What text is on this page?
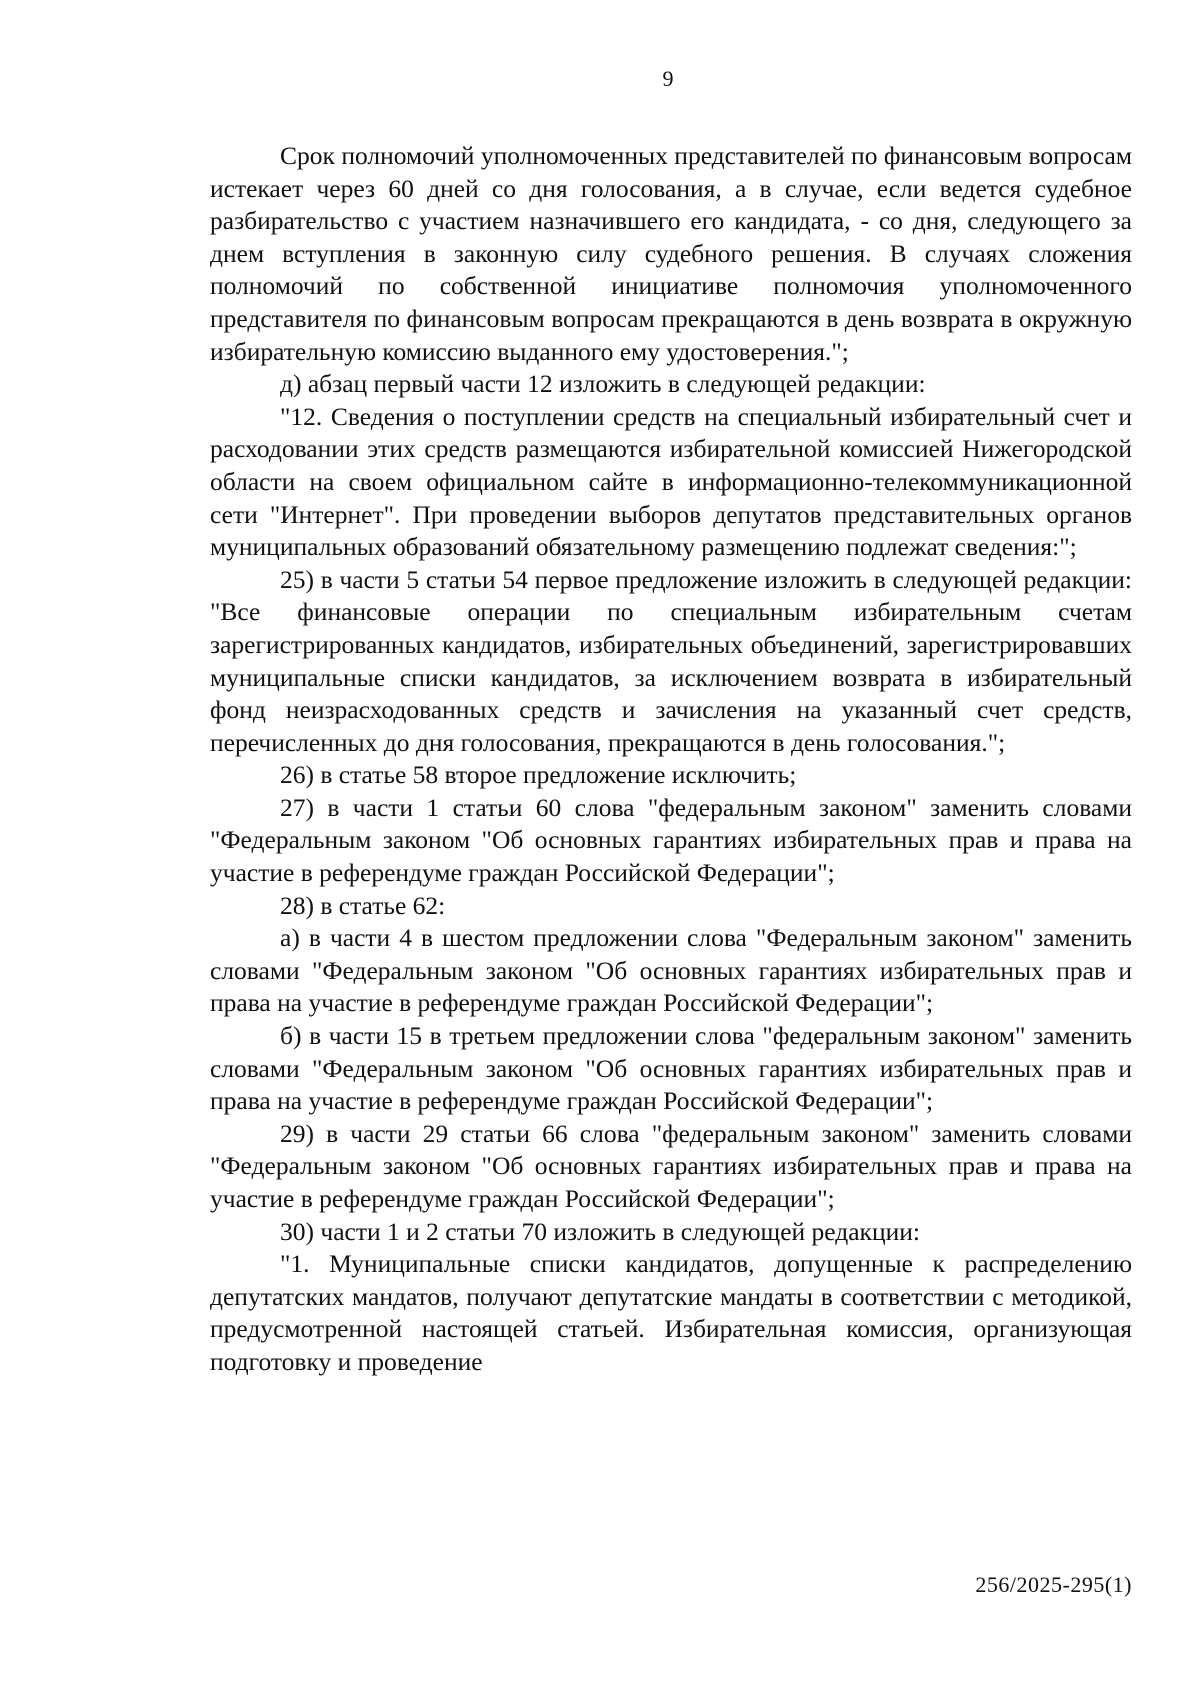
9

Срок полномочий уполномоченных представителей по финансовым вопросам истекает через 60 дней со дня голосования, а в случае, если ведется судебное разбирательство с участием назначившего его кандидата, - со дня, следующего за днем вступления в законную силу судебного решения. В случаях сложения полномочий по собственной инициативе полномочия уполномоченного представителя по финансовым вопросам прекращаются в день возврата в окружную избирательную комиссию выданного ему удостоверения.";

д) абзац первый части 12 изложить в следующей редакции:

"12. Сведения о поступлении средств на специальный избирательный счет и расходовании этих средств размещаются избирательной комиссией Нижегородской области на своем официальном сайте в информационно-телекоммуникационной сети "Интернет". При проведении выборов депутатов представительных органов муниципальных образований обязательному размещению подлежат сведения:";

25) в части 5 статьи 54 первое предложение изложить в следующей редакции: "Все финансовые операции по специальным избирательным счетам зарегистрированных кандидатов, избирательных объединений, зарегистрировавших муниципальные списки кандидатов, за исключением возврата в избирательный фонд неизрасходованных средств и зачисления на указанный счет средств, перечисленных до дня голосования, прекращаются в день голосования.";

26) в статье 58 второе предложение исключить;

27) в части 1 статьи 60 слова "федеральным законом" заменить словами "Федеральным законом "Об основных гарантиях избирательных прав и права на участие в референдуме граждан Российской Федерации";

28) в статье 62:

а) в части 4 в шестом предложении слова "Федеральным законом" заменить словами "Федеральным законом "Об основных гарантиях избирательных прав и права на участие в референдуме граждан Российской Федерации";

б) в части 15 в третьем предложении слова "федеральным законом" заменить словами "Федеральным законом "Об основных гарантиях избирательных прав и права на участие в референдуме граждан Российской Федерации";

29) в части 29 статьи 66 слова "федеральным законом" заменить словами "Федеральным законом "Об основных гарантиях избирательных прав и права на участие в референдуме граждан Российской Федерации";

30) части 1 и 2 статьи 70 изложить в следующей редакции:

"1. Муниципальные списки кандидатов, допущенные к распределению депутатских мандатов, получают депутатские мандаты в соответствии с методикой, предусмотренной настоящей статьей. Избирательная комиссия, организующая подготовку и проведение

256/2025-295(1)
